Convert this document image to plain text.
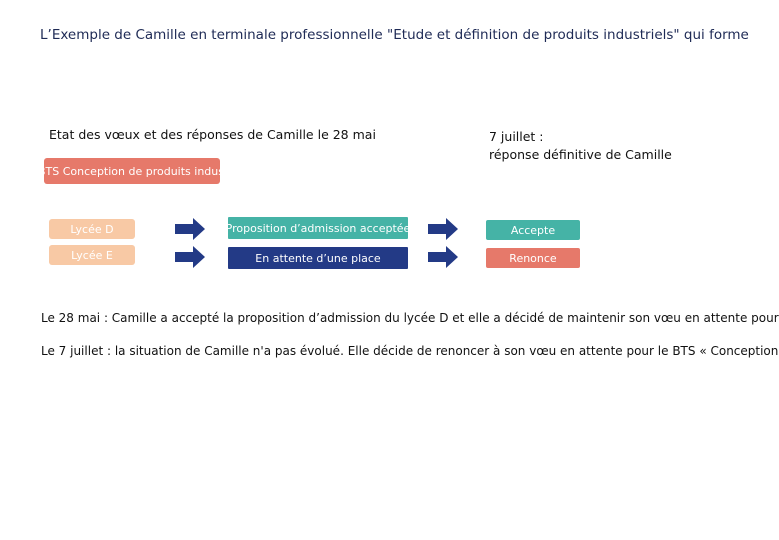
L’Exemple de Camille en terminale professionnelle "Etude et définition de produits industriels" qui forme
Etat des vœux et des réponses de Camille le 28 mai	7 juillet :
réponse définitive de Camille
BTS Conception de produits industriels
Lycée D	Proposition d’admission acceptée	Accepte
Lycée E	En attente d’une place	Renonce
Le 28 mai : Camille a accepté la proposition d’admission du lycée D et elle a décidé de maintenir son vœu en attente pour
Le 7 juillet : la situation de Camille n'a pas évolué. Elle décide de renoncer à son vœu en attente pour le BTS « Conception
